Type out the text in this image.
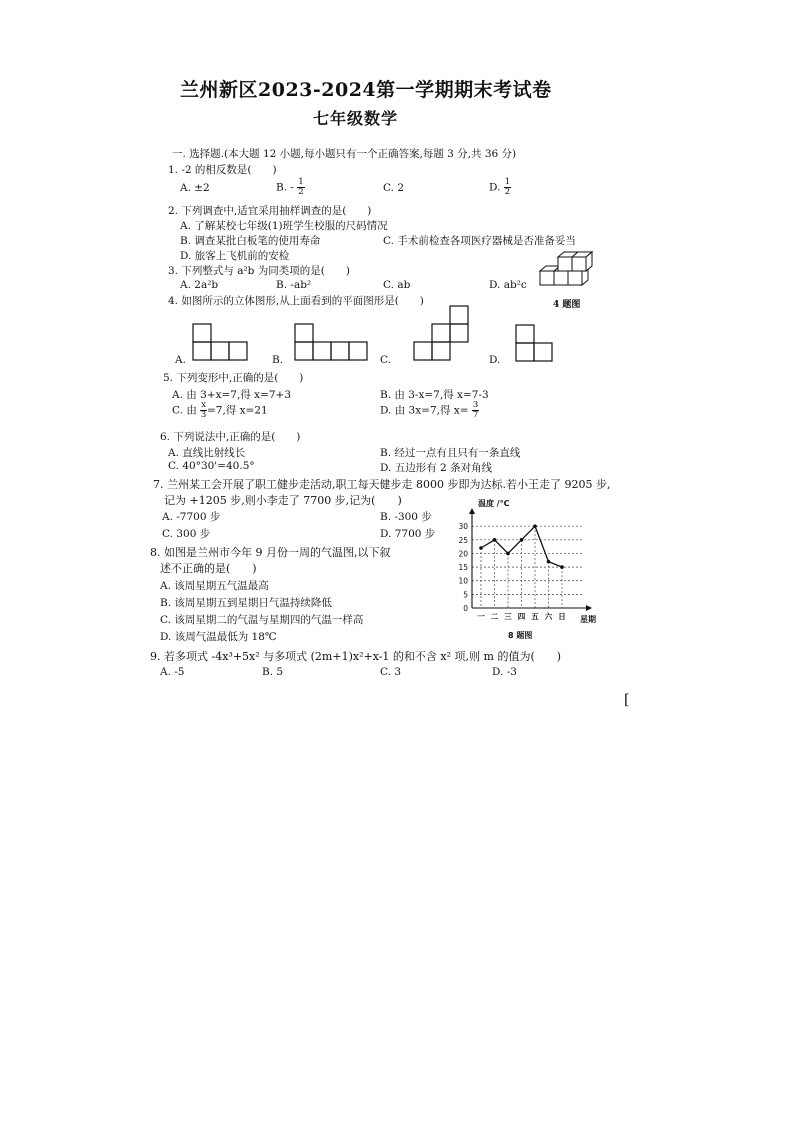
兰州新区2023-2024第一学期期末考试卷
七年级数学
一. 选择题.(本大题 12 小题,每小题只有一个正确答案,每题 3 分,共 36 分)
1. -2 的相反数是(　　)
A. ±2	B. - $\frac{1}{2}$	C. 2	D. $\frac{1}{2}$
2. 下列调查中,适宜采用抽样调查的是(　　)
A. 了解某校七年级(1)班学生校服的尺码情况
B. 调查某批白板笔的使用寿命	C. 手术前检查各项医疗器械是否准备妥当
D. 旅客上飞机前的安检
3. 下列整式与 a²b 为同类项的是(　　)
A. 2a²b	B. -ab²	C. ab	D. ab²c
4 题图
4. 如图所示的立体图形,从上面看到的平面图形是(　　)
A.	B.	C.	D.
5. 下列变形中,正确的是(　　)
A. 由 3+x=7,得 x=7+3	B. 由 3-x=7,得 x=7-3
C. 由 $\frac{x}{3} =7$,得 x=21	D. 由 3x=7,得 $x= \frac{3}{7}$
6. 下列说法中,正确的是(　　)
A. 直线比射线长	B. 经过一点有且只有一条直线
C. 40°30'=40.5°	D. 五边形有 2 条对角线
7. 兰州某工会开展了职工健步走活动,职工每天健步走 8000 步即为达标.若小王走了 9205 步,
记为 +1205 步,则小李走了 7700 步,记为(　　)
A. -7700 步	B. -300 步
C. 300 步	D. 7700 步
8. 如图是兰州市今年 9 月份一周的气温图,以下叙
述不正确的是(　　)
A. 该周星期五气温最高
B. 该周星期五到星期日气温持续降低
C. 该周星期二的气温与星期四的气温一样高
D. 该周气温最低为 18℃
温度 /℃
星期
8 题图
0
5
10
15
20
25
30
一 二 三 四 五 六 日
9. 若多项式 -4x³+5x² 与多项式 (2m+1)x²+x-1 的和不含 x² 项,则 m 的值为(　　)
A. -5	B. 5	C. 3	D. -3
[
